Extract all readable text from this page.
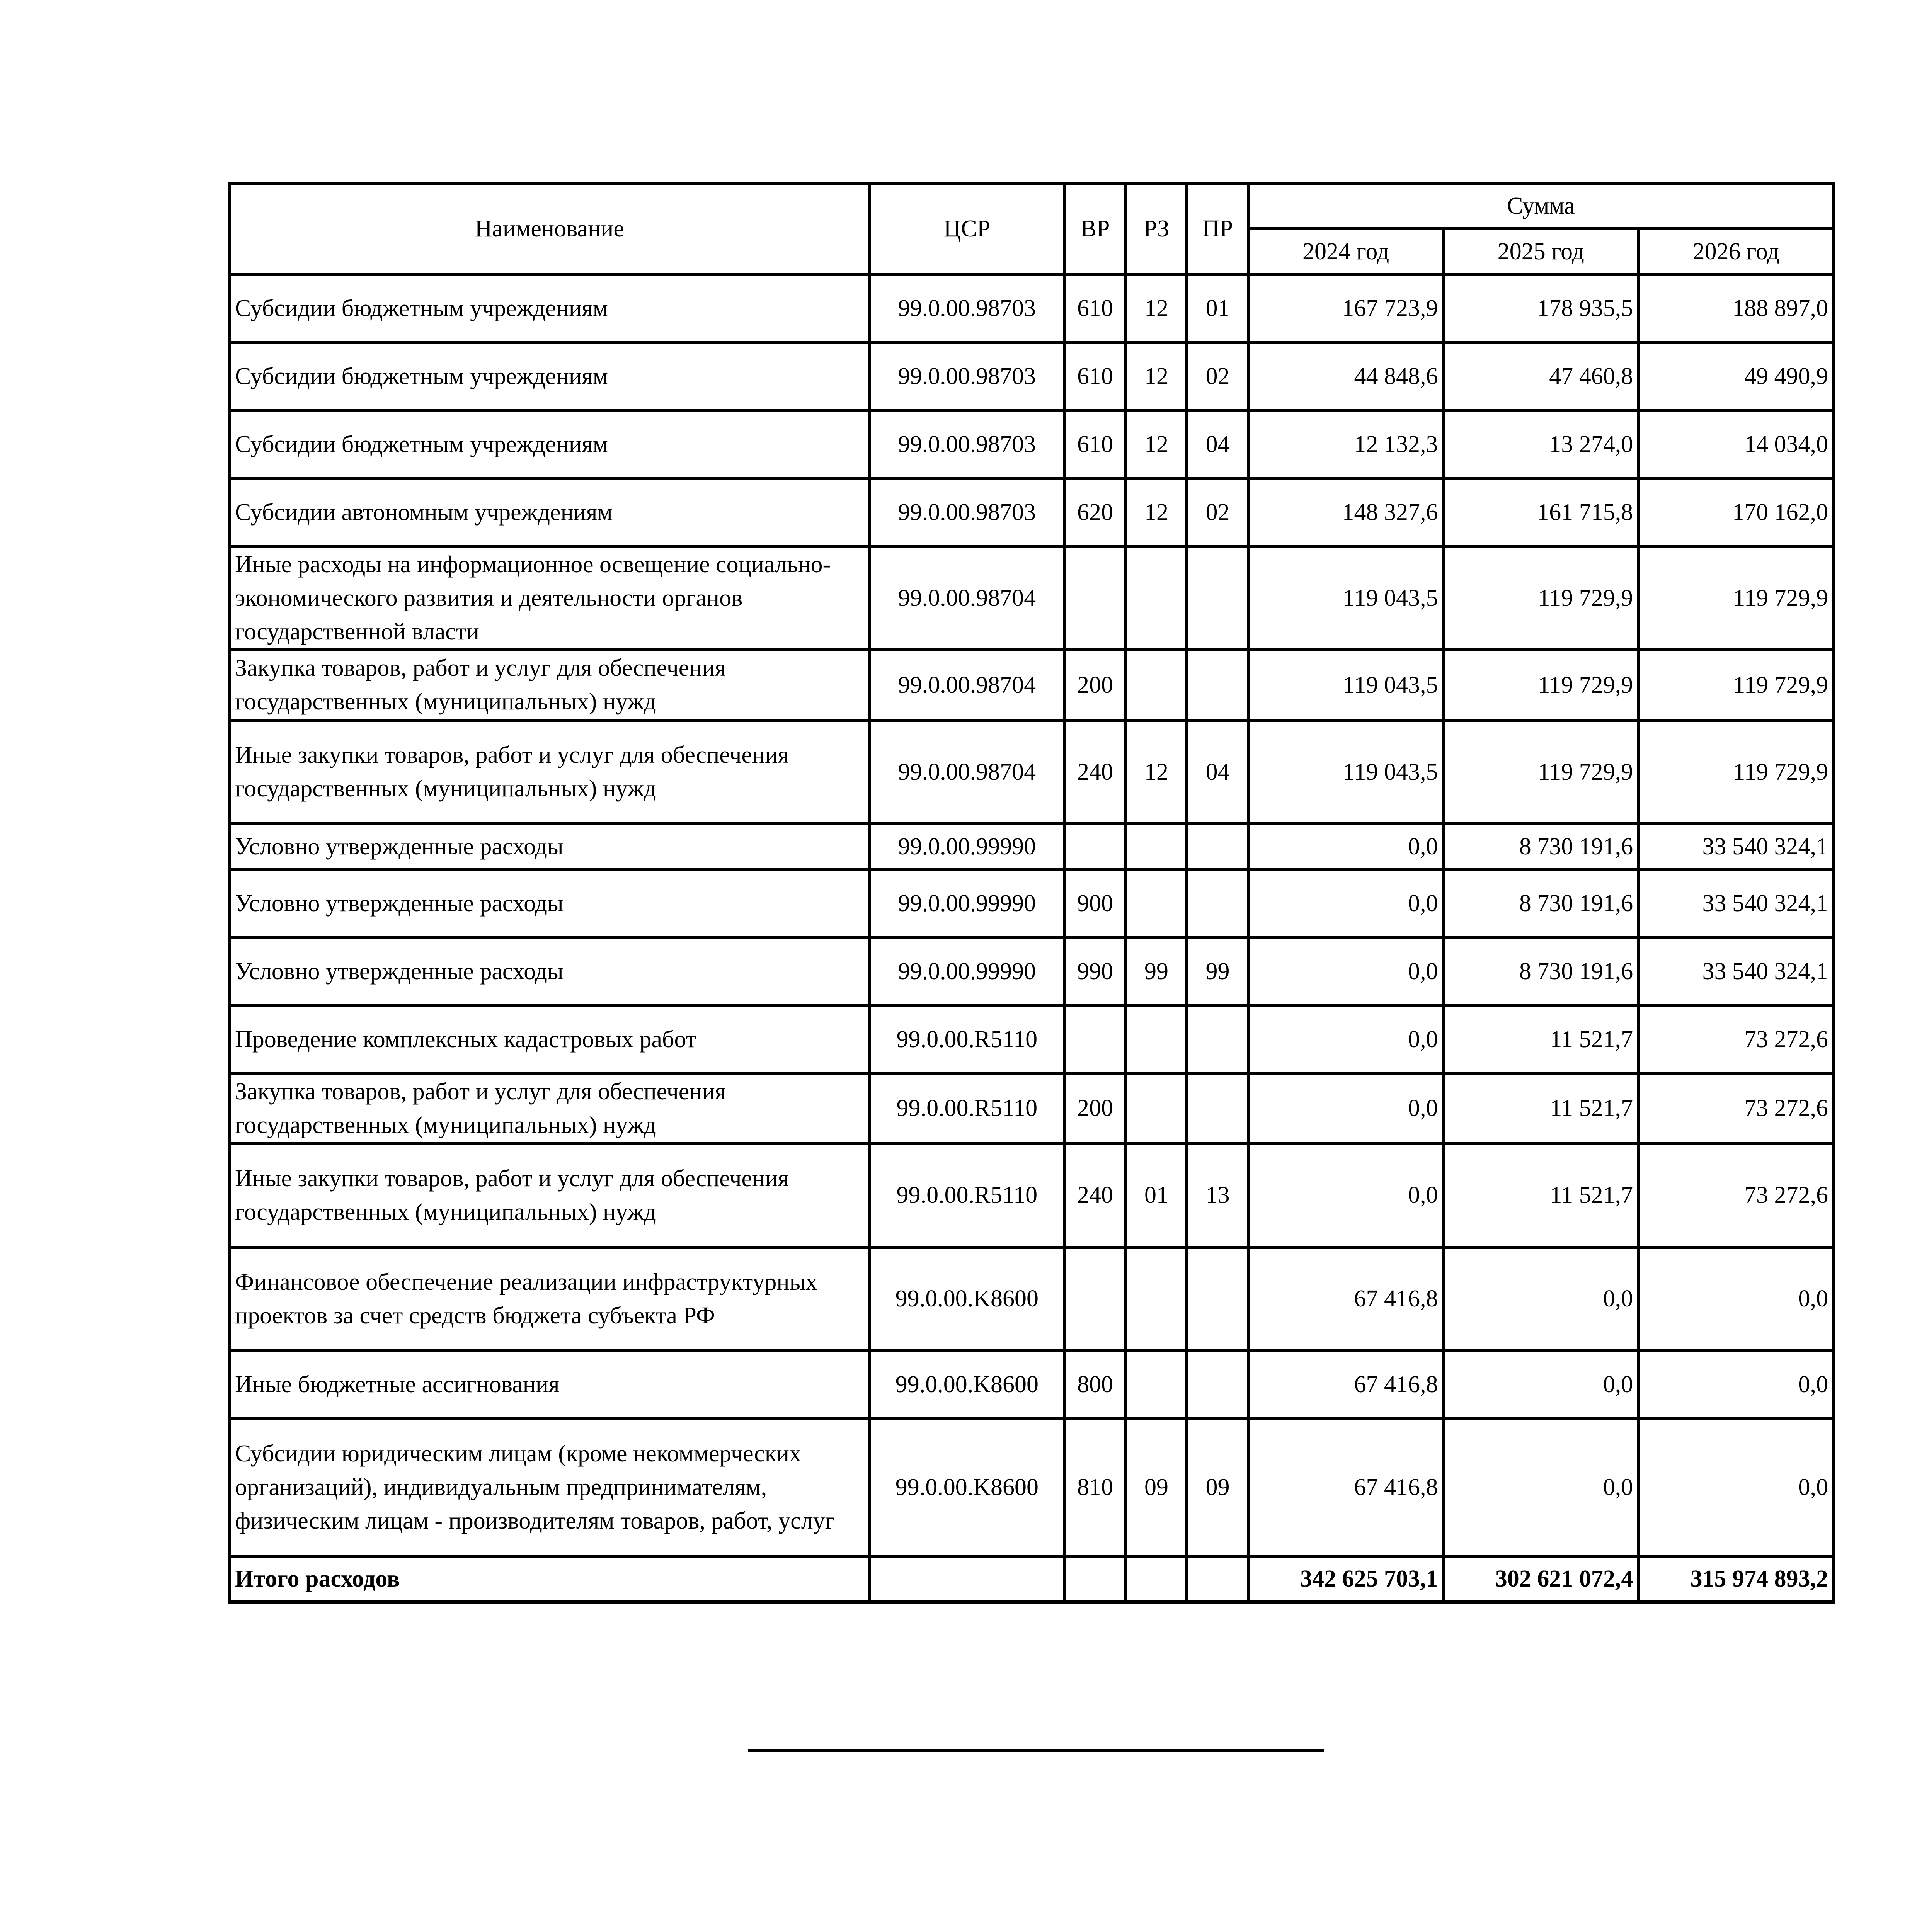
Наименование	ЦСР	ВР	РЗ	ПР	Сумма		
					2024 год	2025 год	2026 год
Субсидии бюджетным учреждениям	99.0.00.98703	610	12	01	167 723,9	178 935,5	188 897,0
Субсидии бюджетным учреждениям	99.0.00.98703	610	12	02	44 848,6	47 460,8	49 490,9
Субсидии бюджетным учреждениям	99.0.00.98703	610	12	04	12 132,3	13 274,0	14 034,0
Субсидии автономным учреждениям	99.0.00.98703	620	12	02	148 327,6	161 715,8	170 162,0
Иные расходы на информационное освещение социально-экономического развития и деятельности органов государственной власти	99.0.00.98704				119 043,5	119 729,9	119 729,9
Закупка товаров, работ и услуг для обеспечения государственных (муниципальных) нужд	99.0.00.98704	200			119 043,5	119 729,9	119 729,9
Иные закупки товаров, работ и услуг для обеспечения государственных (муниципальных) нужд	99.0.00.98704	240	12	04	119 043,5	119 729,9	119 729,9
Условно утвержденные расходы	99.0.00.99990				0,0	8 730 191,6	33 540 324,1
Условно утвержденные расходы	99.0.00.99990	900			0,0	8 730 191,6	33 540 324,1
Условно утвержденные расходы	99.0.00.99990	990	99	99	0,0	8 730 191,6	33 540 324,1
Проведение комплексных кадастровых работ	99.0.00.R5110				0,0	11 521,7	73 272,6
Закупка товаров, работ и услуг для обеспечения государственных (муниципальных) нужд	99.0.00.R5110	200			0,0	11 521,7	73 272,6
Иные закупки товаров, работ и услуг для обеспечения государственных (муниципальных) нужд	99.0.00.R5110	240	01	13	0,0	11 521,7	73 272,6
Финансовое обеспечение реализации инфраструктурных проектов за счет средств бюджета субъекта РФ	99.0.00.K8600				67 416,8	0,0	0,0
Иные бюджетные ассигнования	99.0.00.K8600	800			67 416,8	0,0	0,0
Субсидии юридическим лицам (кроме некоммерческих организаций), индивидуальным предпринимателям, физическим лицам - производителям товаров, работ, услуг	99.0.00.K8600	810	09	09	67 416,8	0,0	0,0
Итого расходов					342 625 703,1	302 621 072,4	315 974 893,2
